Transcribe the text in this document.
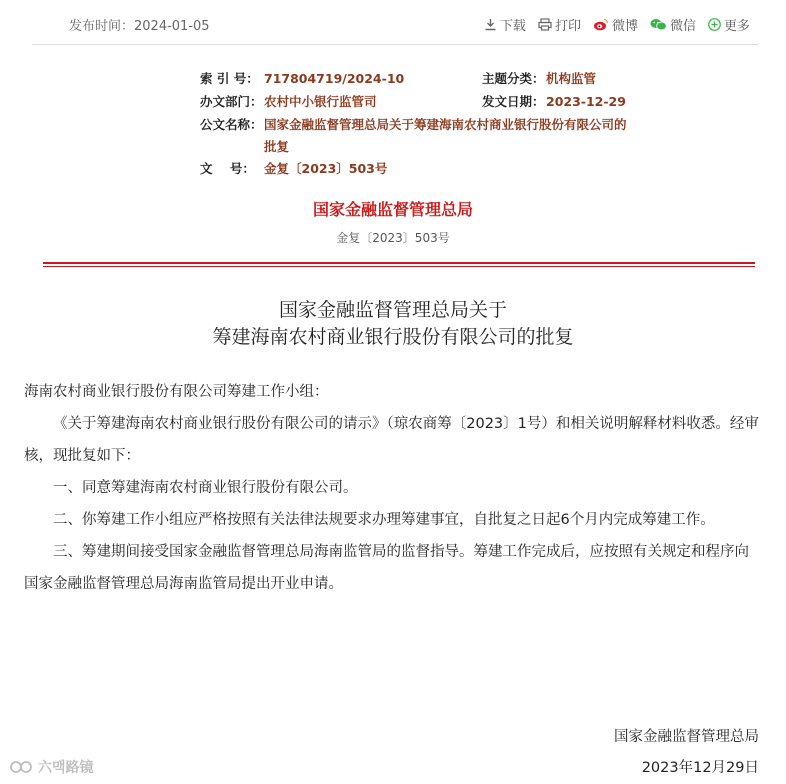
发布时间：2024-01-05	下载 打印 微博 微信 更多
索 引 号： 717804719/2024-10	主题分类： 机构监管
办文部门： 农村中小银行监管司	发文日期： 2023-12-29
公文名称： 国家金融监督管理总局关于筹建海南农村商业银行股份有限公司的批复
文    号： 金复〔2023〕503号
国家金融监督管理总局
金复〔2023〕503号
国家金融监督管理总局关于
筹建海南农村商业银行股份有限公司的批复

海南农村商业银行股份有限公司筹建工作小组：

《关于筹建海南农村商业银行股份有限公司的请示》（琼农商筹〔2023〕1号）和相关说明解释材料收悉。经审核，现批复如下：

一、同意筹建海南农村商业银行股份有限公司。

二、你筹建工作小组应严格按照有关法律法规要求办理筹建事宜，自批复之日起6个月内完成筹建工作。

三、筹建期间接受国家金融监督管理总局海南监管局的监督指导。筹建工作完成后，应按照有关规定和程序向国家金融监督管理总局海南监管局提出开业申请。

国家金融监督管理总局
2023年12月29日
六맥路镜
